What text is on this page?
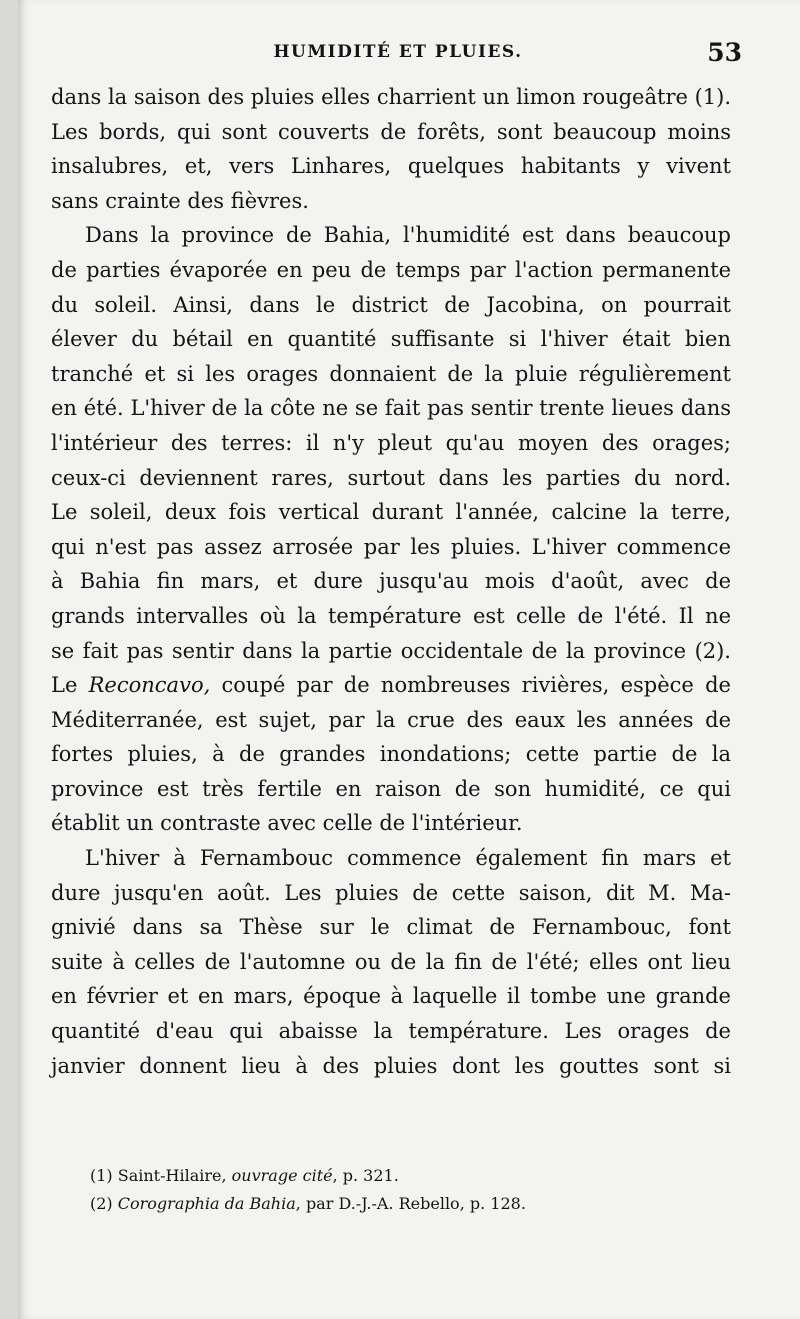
HUMIDITÉ ET PLUIES.	53
dans la saison des pluies elles charrient un limon rougeâtre (1).
Les bords, qui sont couverts de forêts, sont beaucoup moins
insalubres, et, vers Linhares, quelques habitants y vivent
sans crainte des fièvres.
Dans la province de Bahia, l'humidité est dans beaucoup
de parties évaporée en peu de temps par l'action permanente
du soleil. Ainsi, dans le district de Jacobina, on pourrait
élever du bétail en quantité suffisante si l'hiver était bien
tranché et si les orages donnaient de la pluie régulièrement
en été. L'hiver de la côte ne se fait pas sentir trente lieues dans
l'intérieur des terres: il n'y pleut qu'au moyen des orages;
ceux-ci deviennent rares, surtout dans les parties du nord.
Le soleil, deux fois vertical durant l'année, calcine la terre,
qui n'est pas assez arrosée par les pluies. L'hiver commence
à Bahia fin mars, et dure jusqu'au mois d'août, avec de
grands intervalles où la température est celle de l'été. Il ne
se fait pas sentir dans la partie occidentale de la province (2).
Le Reconcavo, coupé par de nombreuses rivières, espèce de
Méditerranée, est sujet, par la crue des eaux les années de
fortes pluies, à de grandes inondations; cette partie de la
province est très fertile en raison de son humidité, ce qui
établit un contraste avec celle de l'intérieur.
L'hiver à Fernambouc commence également fin mars et
dure jusqu'en août. Les pluies de cette saison, dit M. Ma-
gnivié dans sa Thèse sur le climat de Fernambouc, font
suite à celles de l'automne ou de la fin de l'été; elles ont lieu
en février et en mars, époque à laquelle il tombe une grande
quantité d'eau qui abaisse la température. Les orages de
janvier donnent lieu à des pluies dont les gouttes sont si
(1) Saint-Hilaire, ouvrage cité, p. 321.
(2) Corographia da Bahia, par D.-J.-A. Rebello, p. 128.
